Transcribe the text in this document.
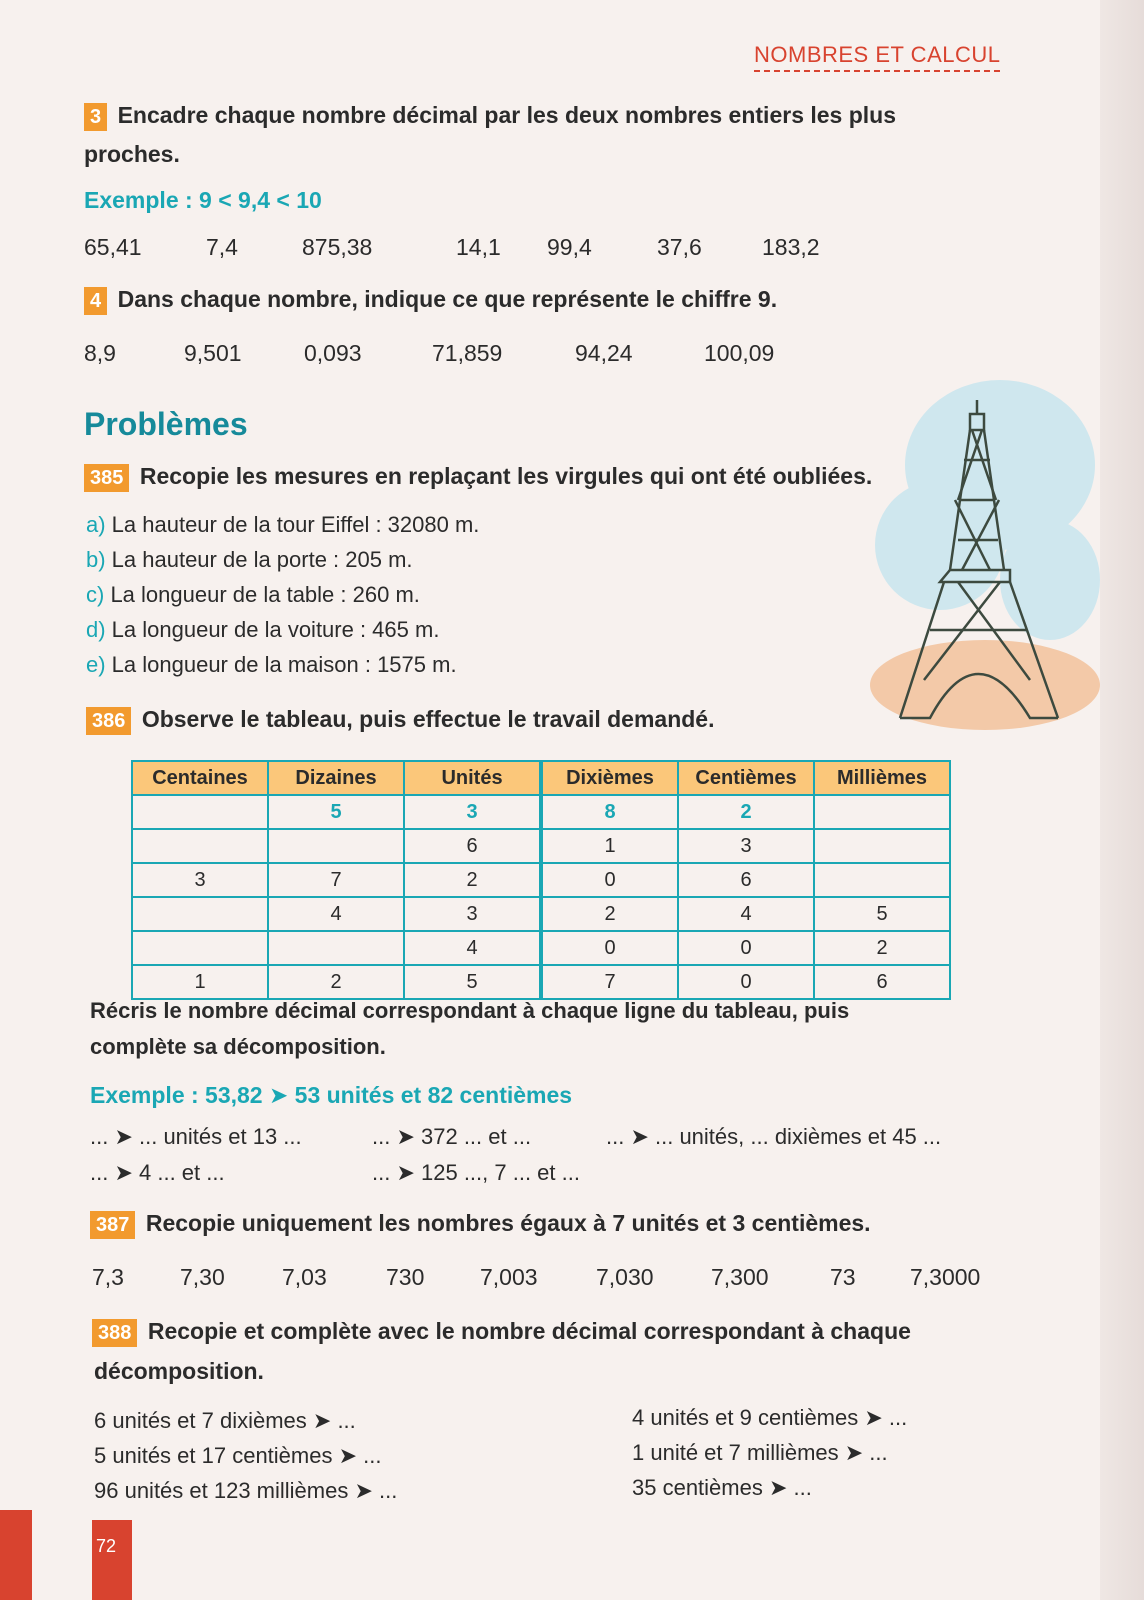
NOMBRES ET CALCUL
3 Encadre chaque nombre décimal par les deux nombres entiers les plus
proches.
Exemple : 9 < 9,4 < 10
65,41	7,4	875,38	14,1 99,4	37,6	183,2
4 Dans chaque nombre, indique ce que représente le chiffre 9.
8,9	9,501	0,093	71,859	94,24	100,09
Problèmes
385 Recopie les mesures en replaçant les virgules qui ont été oubliées.
a) La hauteur de la tour Eiffel : 32080 m.
b) La hauteur de la porte : 205 m.
c) La longueur de la table : 260 m.
d) La longueur de la voiture : 465 m.
e) La longueur de la maison : 1575 m.
386 Observe le tableau, puis effectue le travail demandé.
Centaines	Dizaines	Unités	Dixièmes	Centièmes	Millièmes
	5	3	8	2	
		6	1	3	
3	7	2	0	6	
	4	3	2	4	5
		4	0	0	2
1	2	5	7	0	6
Récris le nombre décimal correspondant à chaque ligne du tableau, puis
complète sa décomposition.
Exemple : 53,82 ➤ 53 unités et 82 centièmes
... ➤ ... unités et 13 ...	... ➤ 372 ... et ...	... ➤ ... unités, ... dixièmes et 45 ...
... ➤ 4 ... et ...	... ➤ 125 ..., 7 ... et ...
387 Recopie uniquement les nombres égaux à 7 unités et 3 centièmes.
7,3 7,30 7,03	730 7,003	7,030 7,300	73 7,3000
388 Recopie et complète avec le nombre décimal correspondant à chaque
décomposition.
6 unités et 7 dixièmes ➤ ...
5 unités et 17 centièmes ➤ ...
96 unités et 123 millièmes ➤ ...
4 unités et 9 centièmes ➤ ...
1 unité et 7 millièmes ➤ ...
35 centièmes ➤ ...
72
